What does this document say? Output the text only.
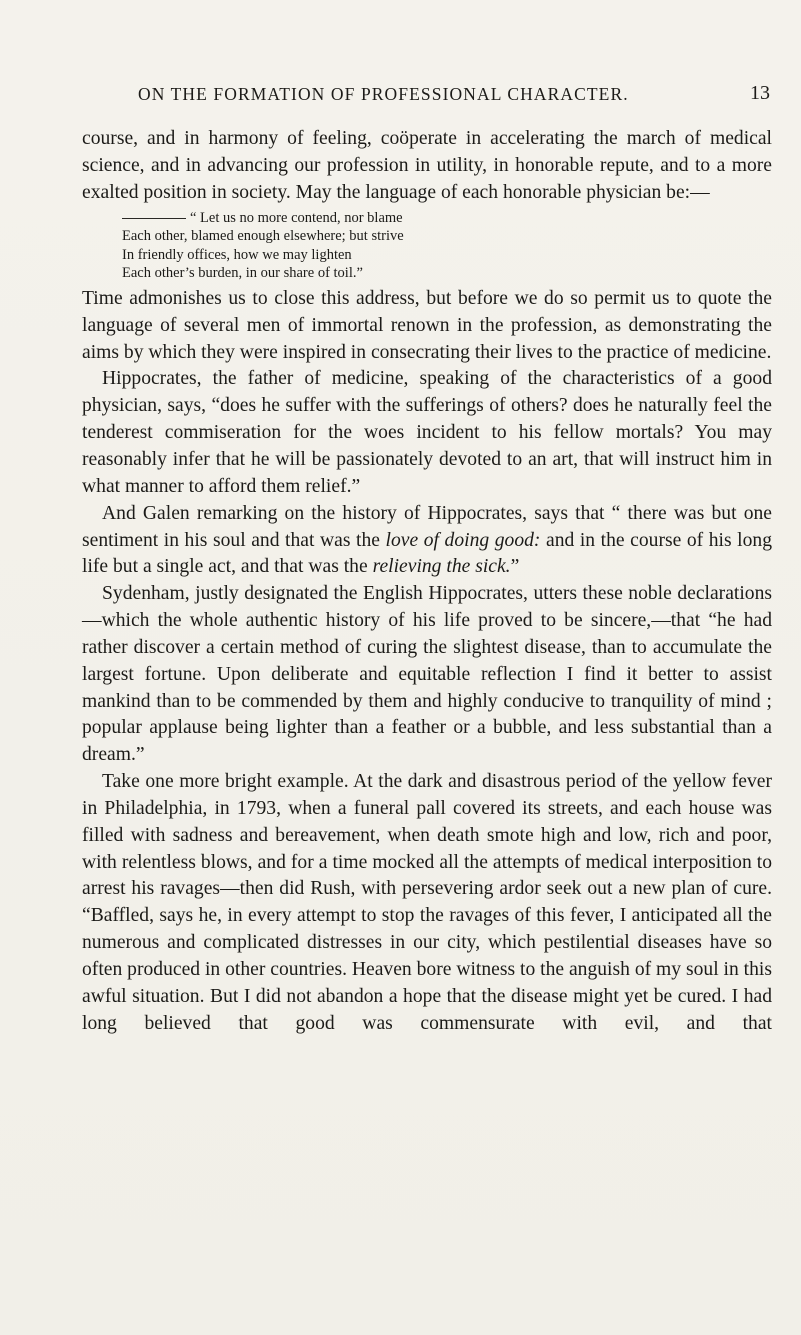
ON THE FORMATION OF PROFESSIONAL CHARACTER.	13

course, and in harmony of feeling, coöperate in accelerating the march of medical science, and in advancing our profession in utility, in honorable repute, and to a more exalted position in society. May the language of each honorable physician be:—

“ Let us no more contend, nor blame
Each other, blamed enough elsewhere; but strive
In friendly offices, how we may lighten
Each other’s burden, in our share of toil.”

Time admonishes us to close this address, but before we do so permit us to quote the language of several men of immortal renown in the profession, as demonstrating the aims by which they were inspired in consecrating their lives to the practice of medicine.

Hippocrates, the father of medicine, speaking of the characteristics of a good physician, says, “does he suffer with the sufferings of others? does he naturally feel the tenderest commiseration for the woes incident to his fellow mortals? You may reasonably infer that he will be passionately devoted to an art, that will instruct him in what manner to afford them relief.”

And Galen remarking on the history of Hippocrates, says that “ there was but one sentiment in his soul and that was the love of doing good: and in the course of his long life but a single act, and that was the relieving the sick.”

Sydenham, justly designated the English Hippocrates, utters these noble declarations—which the whole authentic history of his life proved to be sincere,—that “he had rather discover a certain method of curing the slightest disease, than to accumulate the largest fortune. Upon deliberate and equitable reflection I find it better to assist mankind than to be commended by them and highly conducive to tranquility of mind ; popular applause being lighter than a feather or a bubble, and less substantial than a dream.”

Take one more bright example. At the dark and disastrous period of the yellow fever in Philadelphia, in 1793, when a funeral pall covered its streets, and each house was filled with sadness and bereavement, when death smote high and low, rich and poor, with relentless blows, and for a time mocked all the attempts of medical interposition to arrest his ravages—then did Rush, with persevering ardor seek out a new plan of cure. “Baffled, says he, in every attempt to stop the ravages of this fever, I anticipated all the numerous and complicated distresses in our city, which pestilential diseases have so often produced in other countries. Heaven bore witness to the anguish of my soul in this awful situation. But I did not abandon a hope that the disease might yet be cured. I had long believed that good was commensurate with evil, and that
